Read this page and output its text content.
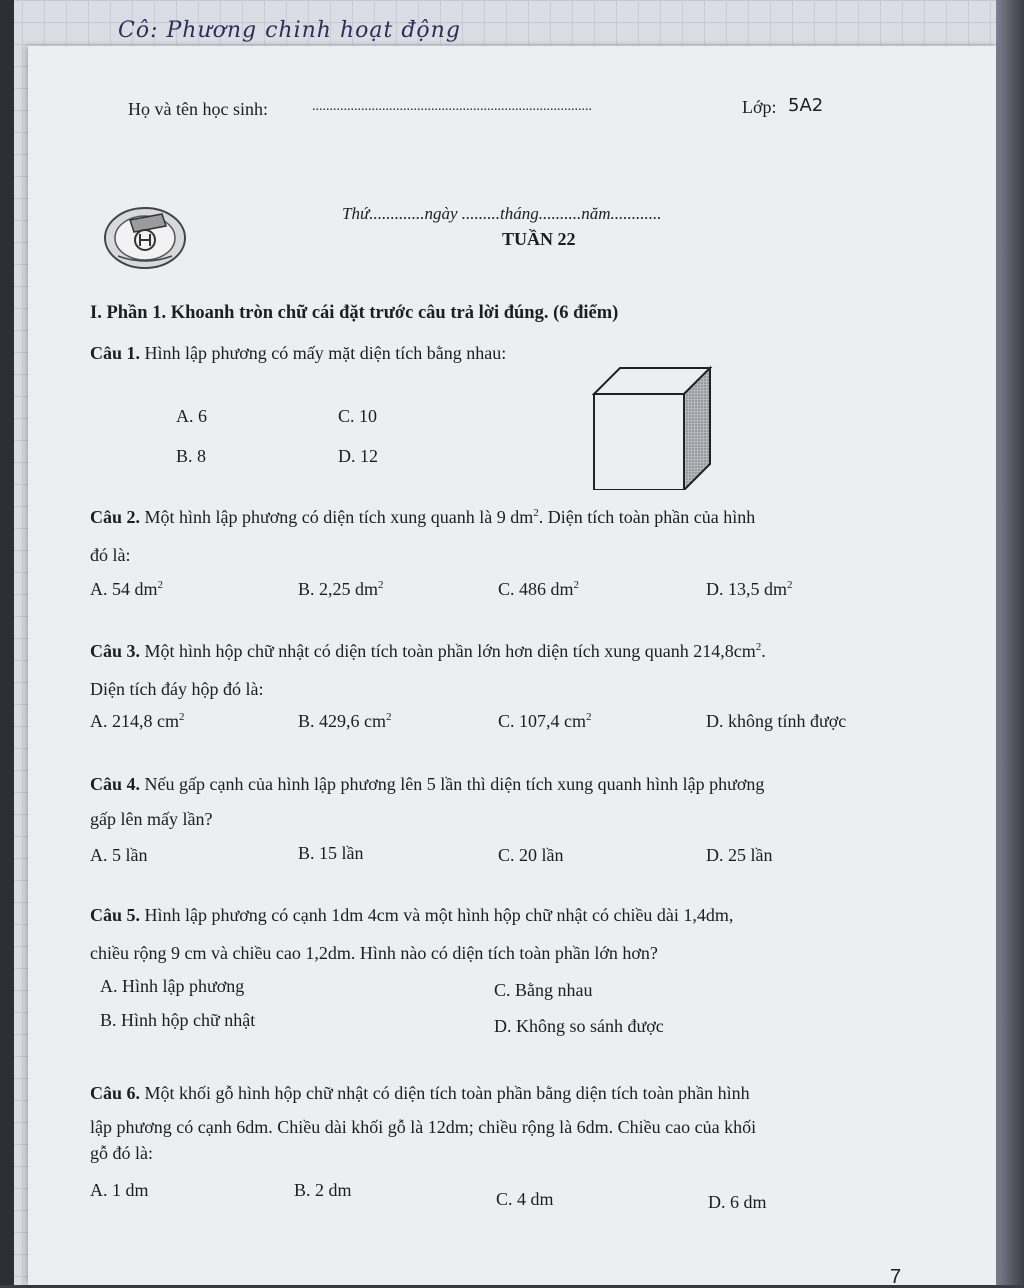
Cô: Phương chinh hoạt động
Họ và tên học sinh:	................................................................................	Lớp: 5A2
Thứ.............ngày .........tháng..........năm............
TUẦN 22
I. Phần 1. Khoanh tròn chữ cái đặt trước câu trả lời đúng. (6 điểm)
Câu 1. Hình lập phương có mấy mặt diện tích bằng nhau:
A. 6	C. 10
B. 8	D. 12
Câu 2. Một hình lập phương có diện tích xung quanh là 9 $dm^2$. Diện tích toàn phần của hình
đó là:
A. 54 $dm^2$	B. 2,25 $dm^2$	C. 486 $dm^2$	D. 13,5 $dm^2$
Câu 3. Một hình hộp chữ nhật có diện tích toàn phần lớn hơn diện tích xung quanh $214,8cm^2$.
Diện tích đáy hộp đó là:
A. 214,8 $cm^2$	B. 429,6 $cm^2$	C. 107,4 $cm^2$	D. không tính được
Câu 4. Nếu gấp cạnh của hình lập phương lên 5 lần thì diện tích xung quanh hình lập phương
gấp lên mấy lần?
A. 5 lần	B. 15 lần	C. 20 lần	D. 25 lần
Câu 5. Hình lập phương có cạnh 1dm 4cm và một hình hộp chữ nhật có chiều dài 1,4dm,
chiều rộng 9 cm và chiều cao 1,2dm. Hình nào có diện tích toàn phần lớn hơn?
A. Hình lập phương	C. Bằng nhau
B. Hình hộp chữ nhật	D. Không so sánh được
Câu 6. Một khối gỗ hình hộp chữ nhật có diện tích toàn phần bằng diện tích toàn phần hình
lập phương có cạnh 6dm. Chiều dài khối gỗ là 12dm; chiều rộng là 6dm. Chiều cao của khối
gỗ đó là:
A. 1 dm	B. 2 dm	C. 4 dm	D. 6 dm
7
